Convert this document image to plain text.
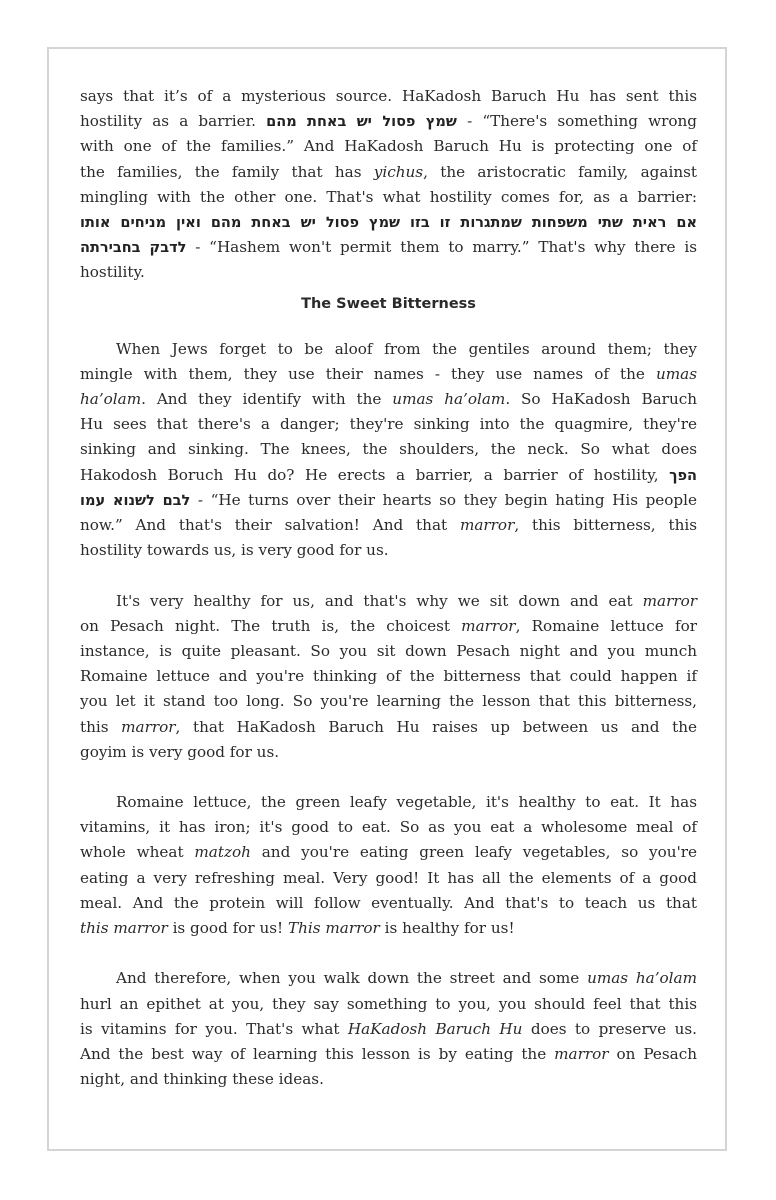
says that it’s of a mysterious source. HaKadosh Baruch Hu has sent this
hostility as a barrier. שמץ פסול יש באחת מהם - “There's something wrong
with one of the families.” And HaKadosh Baruch Hu is protecting one of
the families, the family that has yichus, the aristocratic family, against
mingling with the other one. That's what hostility comes for, as a barrier:
אם ראית שתי משפחות שמתגרות זו בזו שמץ פסול יש באחת מהם ואין מניחים אותו
לדבק בחבירתה - “Hashem won't permit them to marry.” That's why there is
hostility.
The Sweet Bitterness
When Jews forget to be aloof from the gentiles around them; they
mingle with them, they use their names - they use names of the umas
ha’olam. And they identify with the umas ha’olam. So HaKadosh Baruch
Hu sees that there's a danger; they're sinking into the quagmire, they're
sinking and sinking. The knees, the shoulders, the neck. So what does
Hakodosh Boruch Hu do? He erects a barrier, a barrier of hostility, הפך
לבם לשנוא עמו - “He turns over their hearts so they begin hating His people
now.” And that's their salvation! And that marror, this bitterness, this
hostility towards us, is very good for us.
It's very healthy for us, and that's why we sit down and eat marror
on Pesach night. The truth is, the choicest marror, Romaine lettuce for
instance, is quite pleasant. So you sit down Pesach night and you munch
Romaine lettuce and you're thinking of the bitterness that could happen if
you let it stand too long. So you're learning the lesson that this bitterness,
this marror, that HaKadosh Baruch Hu raises up between us and the
goyim is very good for us.
Romaine lettuce, the green leafy vegetable, it's healthy to eat. It has
vitamins, it has iron; it's good to eat. So as you eat a wholesome meal of
whole wheat matzoh and you're eating green leafy vegetables, so you're
eating a very refreshing meal. Very good! It has all the elements of a good
meal. And the protein will follow eventually. And that's to teach us that
this marror is good for us! This marror is healthy for us!
And therefore, when you walk down the street and some umas ha’olam
hurl an epithet at you, they say something to you, you should feel that this
is vitamins for you. That's what HaKadosh Baruch Hu does to preserve us.
And the best way of learning this lesson is by eating the marror on Pesach
night, and thinking these ideas.
